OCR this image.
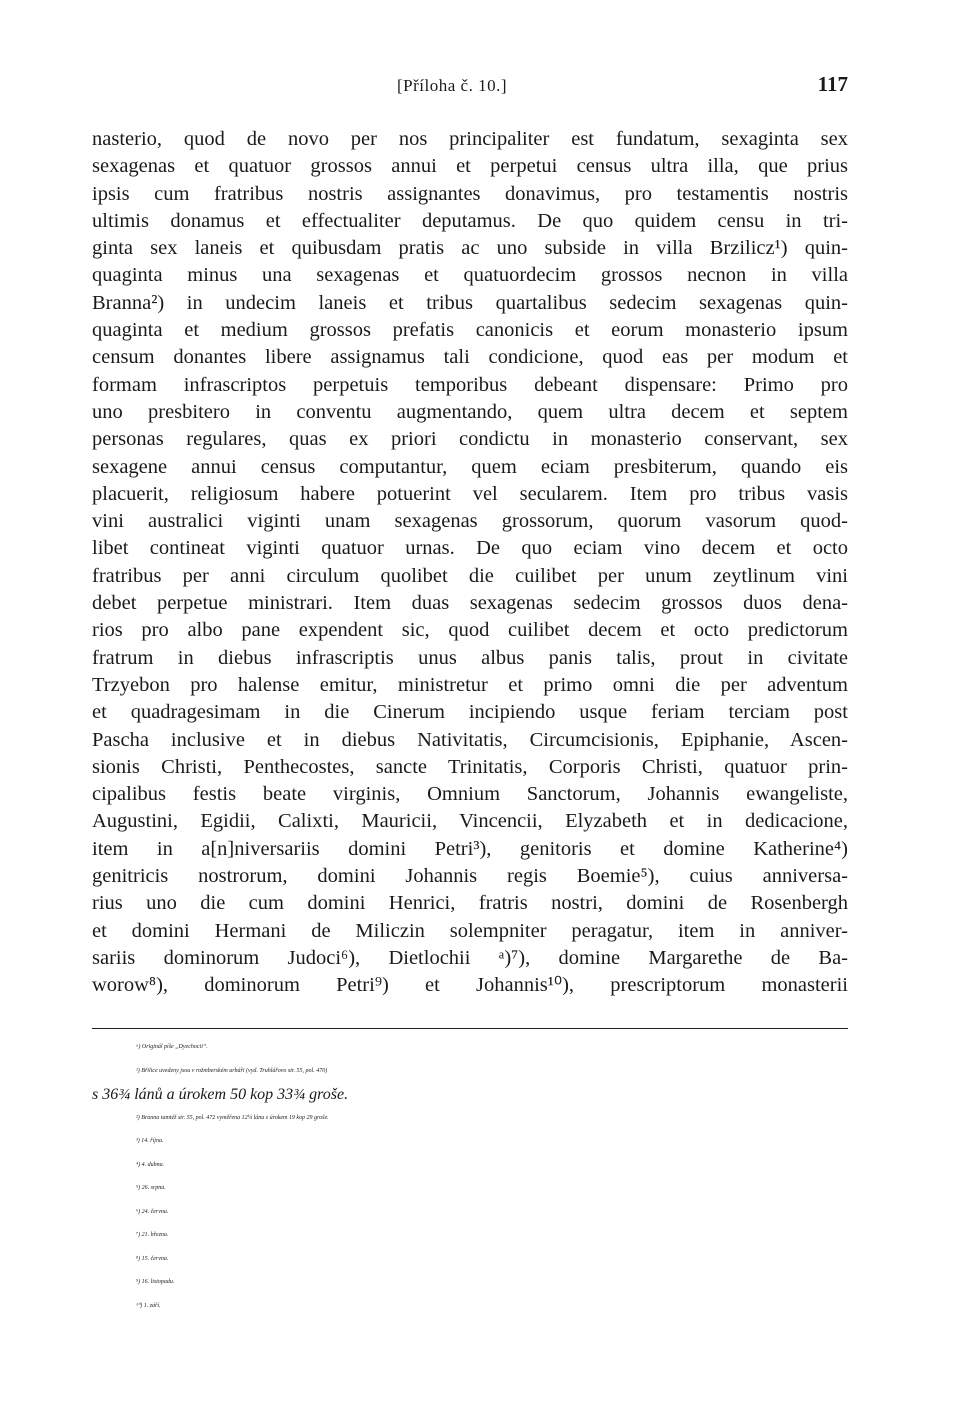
[Příloha č. 10.]	117
nasterio, quod de novo per nos principaliter est fundatum, sexaginta sex
sexagenas et quatuor grossos annui et perpetui census ultra illa, que prius
ipsis cum fratribus nostris assignantes donavimus, pro testamentis nostris
ultimis donamus et effectualiter deputamus. De quo quidem censu in tri-
ginta sex laneis et quibusdam pratis ac uno subside in villa Brzilicz¹) quin-
quaginta minus una sexagenas et quatuordecim grossos necnon in villa
Branna²) in undecim laneis et tribus quartalibus sedecim sexagenas quin-
quaginta et medium grossos prefatis canonicis et eorum monasterio ipsum
censum donantes libere assignamus tali condicione, quod eas per modum et
formam infrascriptos perpetuis temporibus debeant dispensare: Primo pro
uno presbitero in conventu augmentando, quem ultra decem et septem
personas regulares, quas ex priori condictu in monasterio conservant, sex
sexagene annui census computantur, quem eciam presbiterum, quando eis
placuerit, religiosum habere potuerint vel secularem. Item pro tribus vasis
vini australici viginti unam sexagenas grossorum, quorum vasorum quod-
libet contineat viginti quatuor urnas. De quo eciam vino decem et octo
fratribus per anni circulum quolibet die cuilibet per unum zeytlinum vini
debet perpetue ministrari. Item duas sexagenas sedecim grossos duos dena-
rios pro albo pane expendent sic, quod cuilibet decem et octo predictorum
fratrum in diebus infrascriptis unus albus panis talis, prout in civitate
Trzyebon pro halense emitur, ministretur et primo omni die per adventum
et quadragesimam in die Cinerum incipiendo usque feriam terciam post
Pascha inclusive et in diebus Nativitatis, Circumcisionis, Epiphanie, Ascen-
sionis Christi, Penthecostes, sancte Trinitatis, Corporis Christi, quatuor prin-
cipalibus festis beate virginis, Omnium Sanctorum, Johannis ewangeliste,
Augustini, Egidii, Calixti, Mauricii, Vincencii, Elyzabeth et in dedicacione,
item in a[n]niversariis domini Petri³), genitoris et domine Katherine⁴)
genitricis nostrorum, domini Johannis regis Boemie⁵), cuius anniversa-
rius uno die cum domini Henrici, fratris nostri, domini de Rosenbergh
et domini Hermani de Miliczin solempniter peragatur, item in anniver-
sariis dominorum Judoci⁶), Dietlochii ᵃ)⁷), domine Margarethe de Ba-
worow⁸), dominorum Petri⁹) et Johannis¹⁰), prescriptorum monasterii
ᵃ) Originál píše „Dyechocii“.
¹) Břilice uvedeny jsou v rožmberském urbáři (vyd. Truhlářovo str. 55, pol. 470)
s 36¾ lánů a úrokem 50 kop 33¾ groše.
²) Branna tamtéž str. 55, pol. 472 vyměřena 12¼ lánu s úrokem 19 kop 29 groše.
³) 14. října.
⁴) 4. dubna.
⁵) 26. srpna.
⁶) 24. června.
⁷) 21. března.
⁸) 15. června.
⁹) 16. listopadu.
¹⁰) 1. září.
